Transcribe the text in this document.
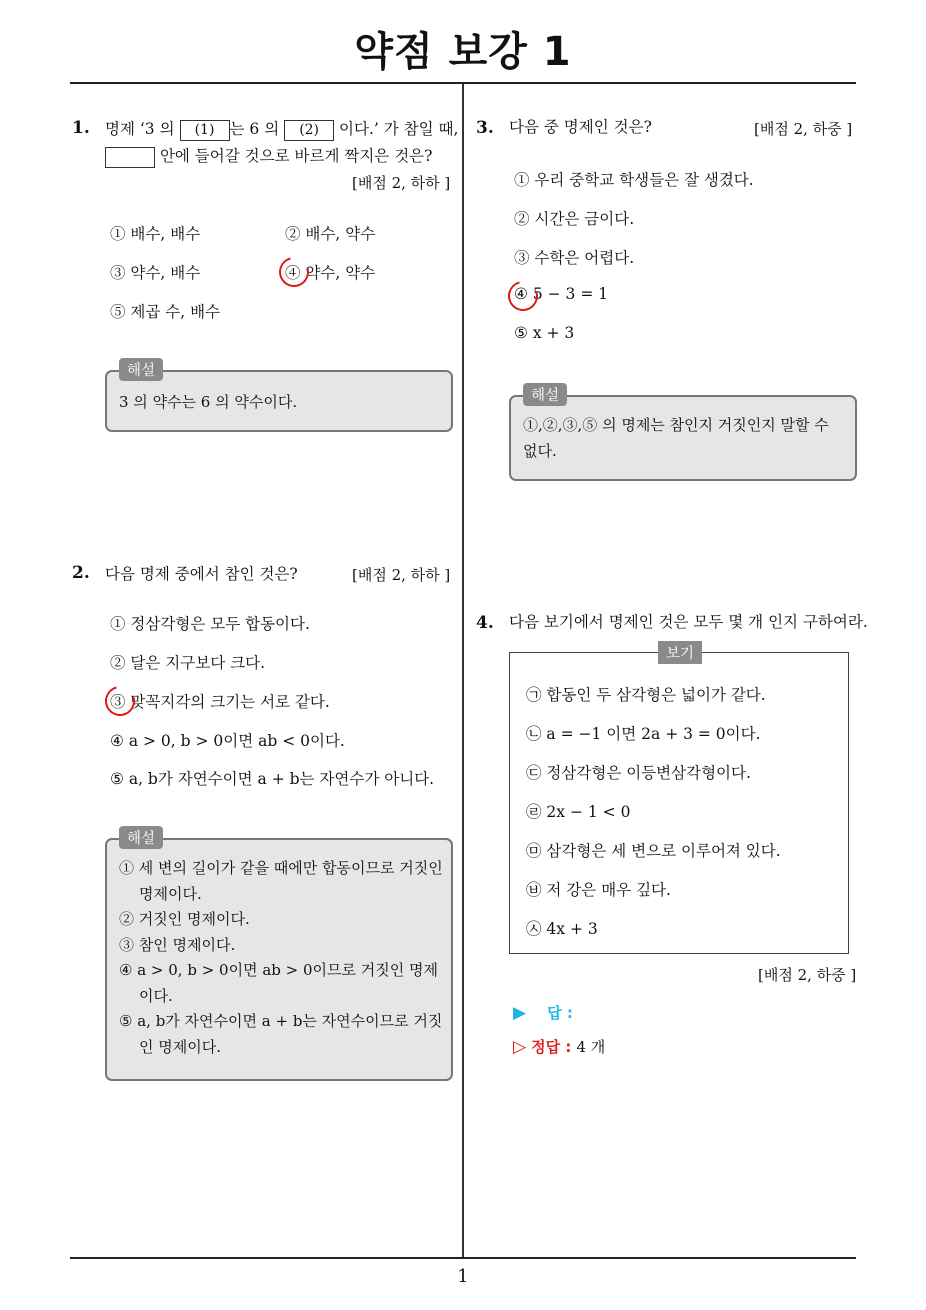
약점 보강 1
1. 명제 ‘3 의 (1) 는 6 의 (2) 이다.’ 가 참일 때,
안에 들어갈 것으로 바르게 짝지은 것은?
[배점 2, 하하 ]
① 배수, 배수	② 배수, 약수
③ 약수, 배수	④ 약수, 약수
⑤ 제곱 수, 배수
3 의 약수는 6 의 약수이다.
해설
2. 다음 명제 중에서 참인 것은?	[배점 2, 하하 ]
① 정삼각형은 모두 합동이다.
② 달은 지구보다 크다.
③ 맞꼭지각의 크기는 서로 같다.
④ a > 0, b > 0이면 ab < 0이다.
⑤ a, b가 자연수이면 a + b는 자연수가 아니다.
① 세 변의 길이가 같을 때에만 합동이므로 거짓인
명제이다.
② 거짓인 명제이다.
③ 참인 명제이다.
④ a > 0, b > 0이면 ab > 0이므로 거짓인 명제
이다.
⑤ a, b가 자연수이면 a + b는 자연수이므로 거짓
인 명제이다.
해설
3. 다음 중 명제인 것은?	[배점 2, 하중 ]
① 우리 중학교 학생들은 잘 생겼다.
② 시간은 금이다.
③ 수학은 어렵다.
④ 5 − 3 = 1
⑤ x + 3
①,②,③,⑤ 의 명제는 참인지 거짓인지 말할 수
없다.
해설
4. 다음 보기에서 명제인 것은 모두 몇 개 인지 구하여라.
㉠ 합동인 두 삼각형은 넓이가 같다.
㉡ a = −1 이면 2a + 3 = 0이다.
㉢ 정삼각형은 이등변삼각형이다.
㉣ 2x − 1 < 0
㉤ 삼각형은 세 변으로 이루어져 있다.
㉥ 저 강은 매우 깊다.
㉦ 4x + 3
보기
[배점 2, 하중 ]
▶ 답 :
▷ 정답 : 4 개
1
